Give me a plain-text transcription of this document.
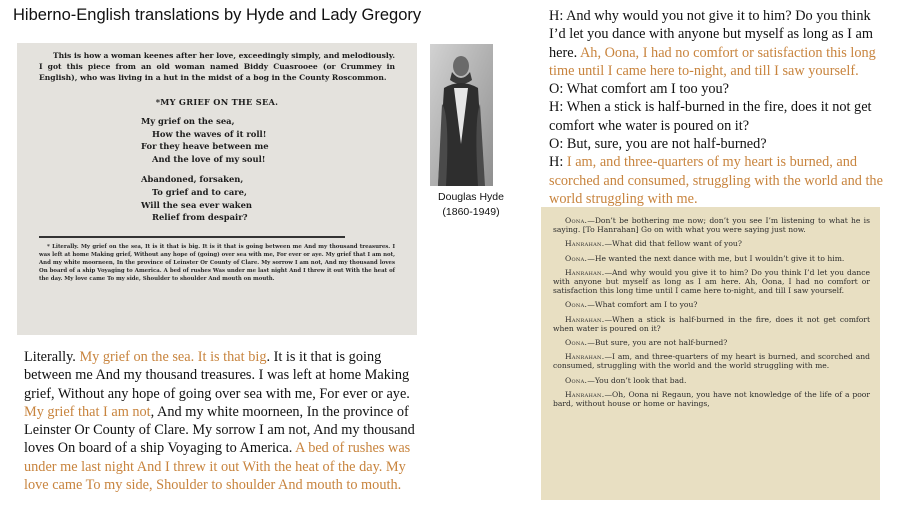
Hiberno-English translations by Hyde and Lady Gregory
This is how a woman keenes after her love, exceedingly simply, and melodiously. I got this piece from an old woman named Biddy Cuasrooee (or Crummey in English), who was living in a hut in the midst of a bog in the County Roscommon.
*MY GRIEF ON THE SEA.
My grief on the sea,
How the waves of it roll!
For they heave between me
And the love of my soul!
Abandoned, forsaken,
To grief and to care,
Will the sea ever waken
Relief from despair?
* Literally. My grief on the sea, It is it that is big. It is it that is going between me And my thousand treasures. I was left at home Making grief, Without any hope of (going) over sea with me, For ever or aye. My grief that I am not, And my white moorneen, In the province of Leinster Or County of Clare. My sorrow I am not, And my thousand loves On board of a ship Voyaging to America. A bed of rushes Was under me last night And I threw it out With the heat of the day. My love came To my side, Shoulder to shoulder And mouth on mouth.
Douglas Hyde
(1860-1949)
Literally. My grief on the sea. It is that big. It is it that is going between me And my thousand treasures. I was left at home Making grief, Without any hope of going over sea with me, For ever or aye. My grief that I am not, And my white moorneen, In the province of Leinster Or County of Clare. My sorrow I am not, And my thousand loves On board of a ship Voyaging to America. A bed of rushes was under me last night And I threw it out With the heat of the day. My love came To my side, Shoulder to shoulder And mouth to mouth.

H: And why would you not give it to him? Do you think I’d let you dance with anyone but myself as long as I am here. Ah, Oona, I had no comfort or satisfaction this long time until I came here to-night, and till I saw yourself.

O: What comfort am I too you?

H: When a stick is half-burned in the fire, does it not get comfort whe water is poured on it?

O: But, sure, you are not half-burned?

H: I am, and three-quarters of my heart is burned, and scorched and consumed, struggling with the world and the world struggling with me.

Oona.—Don’t be bothering me now; don’t you see I’m listening to what he is saying. [To Hanrahan] Go on with what you were saying just now.

Hanrahan.—What did that fellow want of you?

Oona.—He wanted the next dance with me, but I wouldn’t give it to him.

Hanrahan.—And why would you give it to him? Do you think I’d let you dance with anyone but myself as long as I am here. Ah, Oona, I had no comfort or satisfaction this long time until I came here to-night, and till I saw yourself.

Oona.—What comfort am I to you?

Hanrahan.—When a stick is half-burned in the fire, does it not get comfort when water is poured on it?

Oona.—But sure, you are not half-burned?

Hanrahan.—I am, and three-quarters of my heart is burned, and scorched and consumed, struggling with the world and the world struggling with me.

Oona.—You don’t look that bad.

Hanrahan.—Oh, Oona ni Regaun, you have not knowledge of the life of a poor bard, without house or home or havings,
